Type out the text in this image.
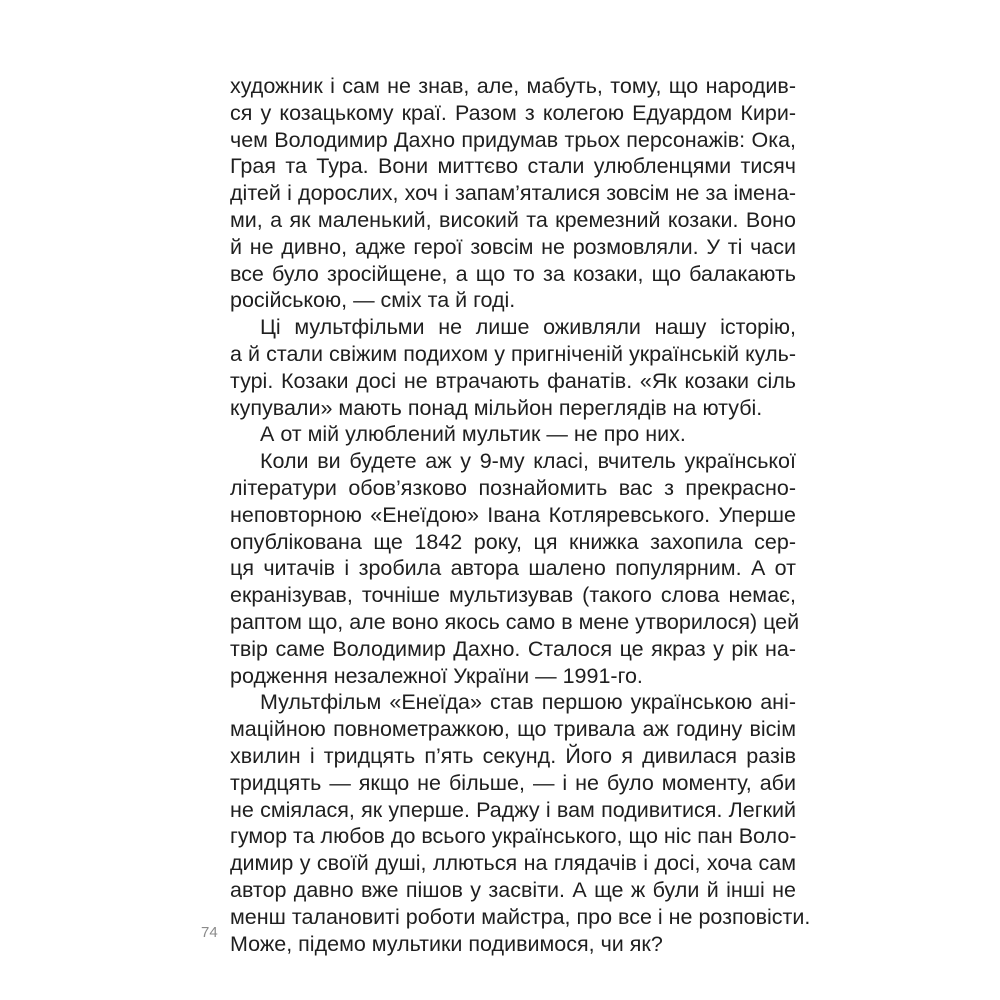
художник і сам не знав, але, мабуть, тому, що народив-
ся у козацькому краї. Разом з колегою Едуардом Кири-
чем Володимир Дахно придумав трьох персонажів: Ока,
Грая та Тура. Вони миттєво стали улюбленцями тисяч
дітей і дорослих, хоч і запам’яталися зовсім не за імена-
ми, а як маленький, високий та кремезний козаки. Воно
й не дивно, адже герої зовсім не розмовляли. У ті часи
все було зросійщене, а що то за козаки, що балакають
російською, — сміх та й годі.
Ці мультфільми не лише оживляли нашу історію,
а й стали свіжим подихом у пригніченій українській куль-
турі. Козаки досі не втрачають фанатів. «Як козаки сіль
купували» мають понад мільйон переглядів на ютубі.
А от мій улюблений мультик — не про них.
Коли ви будете аж у 9-му класі, вчитель української
літератури обов’язково познайомить вас з прекрасно-
неповторною «Енеїдою» Івана Котляревського. Уперше
опублікована ще 1842 року, ця книжка захопила сер-
ця читачів і зробила автора шалено популярним. А от
екранізував, точніше мультизував (такого слова немає,
раптом що, але воно якось само в мене утворилося) цей
твір саме Володимир Дахно. Сталося це якраз у рік на-
родження незалежної України — 1991-го.
Мультфільм «Енеїда» став першою українською ані-
маційною повнометражкою, що тривала аж годину вісім
хвилин і тридцять п’ять секунд. Його я дивилася разів
тридцять — якщо не більше, — і не було моменту, аби
не сміялася, як уперше. Раджу і вам подивитися. Легкий
гумор та любов до всього українського, що ніс пан Воло-
димир у своїй душі, ллються на глядачів і досі, хоча сам
автор давно вже пішов у засвіти. А ще ж були й інші не
менш талановиті роботи майстра, про все і не розповісти.
Може, підемо мультики подивимося, чи як?
74
